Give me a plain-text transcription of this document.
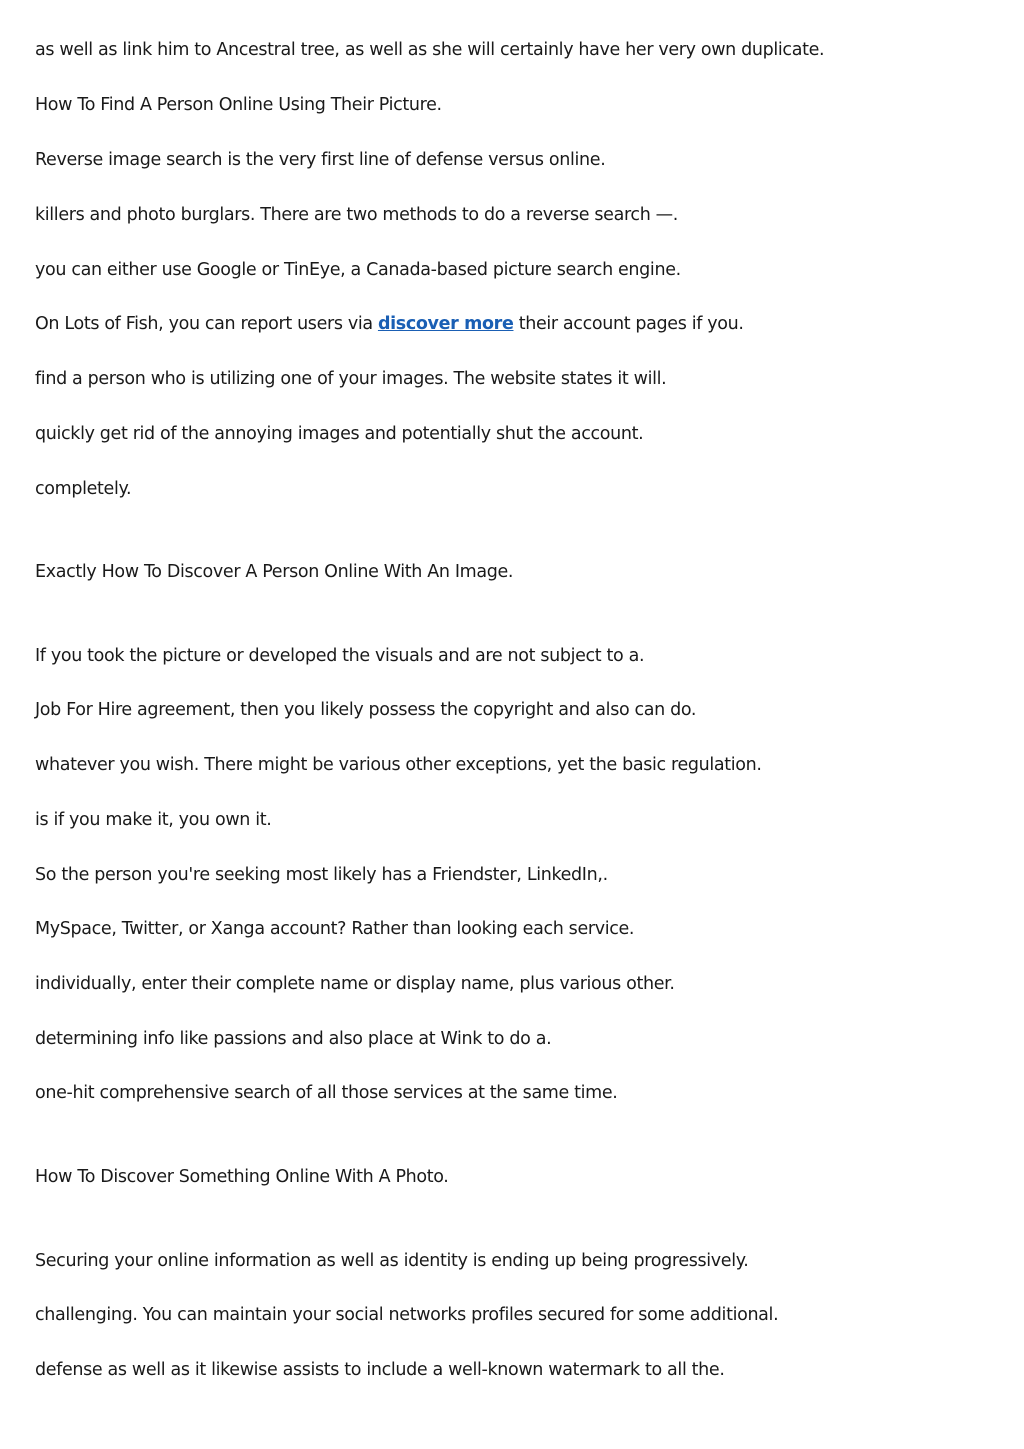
as well as link him to Ancestral tree, as well as she will certainly have her very own duplicate.

How To Find A Person Online Using Their Picture.

Reverse image search is the very first line of defense versus online.

killers and photo burglars. There are two methods to do a reverse search —.

you can either use Google or TinEye, a Canada-based picture search engine.

On Lots of Fish, you can report users via discover more their account pages if you.

find a person who is utilizing one of your images. The website states it will.

quickly get rid of the annoying images and potentially shut the account.

completely.

Exactly How To Discover A Person Online With An Image.

If you took the picture or developed the visuals and are not subject to a.

Job For Hire agreement, then you likely possess the copyright and also can do.

whatever you wish. There might be various other exceptions, yet the basic regulation.

is if you make it, you own it.

So the person you're seeking most likely has a Friendster, LinkedIn,.

MySpace, Twitter, or Xanga account? Rather than looking each service.

individually, enter their complete name or display name, plus various other.

determining info like passions and also place at Wink to do a.

one-hit comprehensive search of all those services at the same time.

How To Discover Something Online With A Photo.

Securing your online information as well as identity is ending up being progressively.

challenging. You can maintain your social networks profiles secured for some additional.

defense as well as it likewise assists to include a well-known watermark to all the.
